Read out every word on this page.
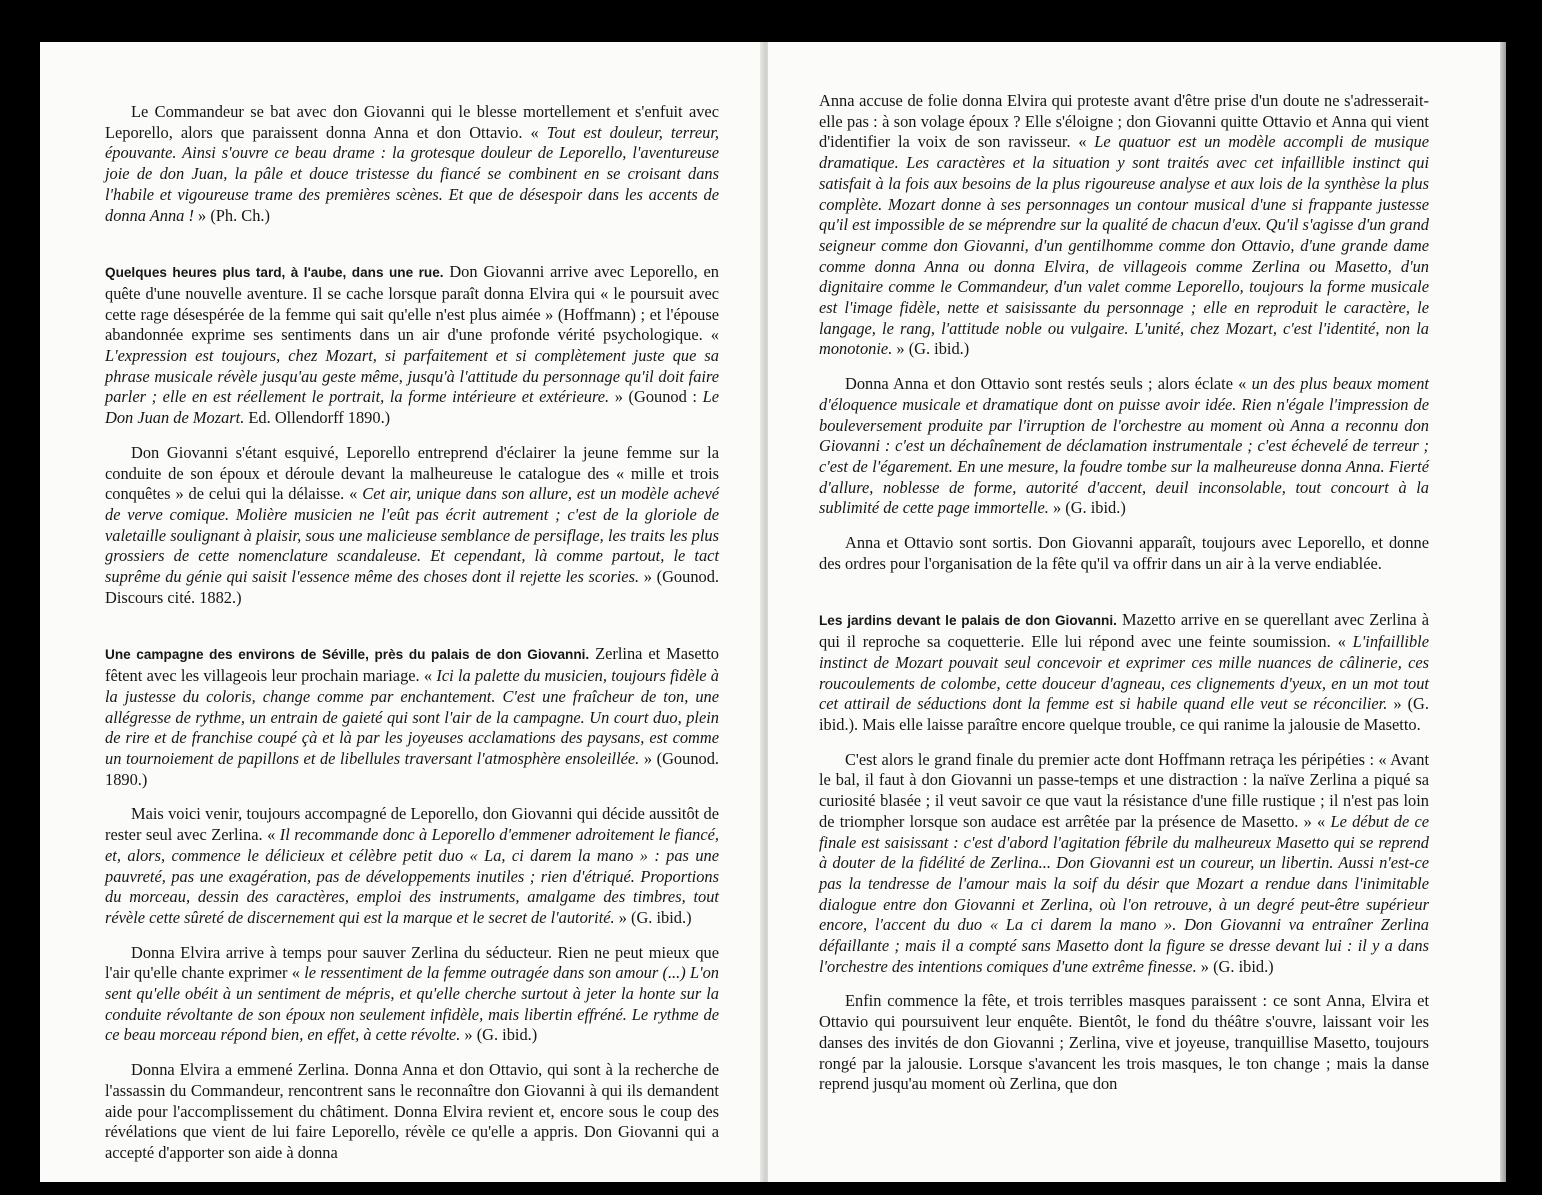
Le Commandeur se bat avec don Giovanni qui le blesse mortellement et s'enfuit avec Leporello, alors que paraissent donna Anna et don Ottavio. « Tout est douleur, terreur, épouvante. Ainsi s'ouvre ce beau drame : la grotesque douleur de Leporello, l'aventureuse joie de don Juan, la pâle et douce tristesse du fiancé se combinent en se croisant dans l'habile et vigoureuse trame des premières scènes. Et que de désespoir dans les accents de donna Anna ! » (Ph. Ch.)

Quelques heures plus tard, à l'aube, dans une rue. Don Giovanni arrive avec Leporello, en quête d'une nouvelle aventure. Il se cache lorsque paraît donna Elvira qui « le poursuit avec cette rage désespérée de la femme qui sait qu'elle n'est plus aimée » (Hoffmann) ; et l'épouse abandonnée exprime ses sentiments dans un air d'une profonde vérité psychologique. « L'expression est toujours, chez Mozart, si parfaitement et si complètement juste que sa phrase musicale révèle jusqu'au geste même, jusqu'à l'attitude du personnage qu'il doit faire parler ; elle en est réellement le portrait, la forme intérieure et extérieure. » (Gounod : Le Don Juan de Mozart. Ed. Ollendorff 1890.)

Don Giovanni s'étant esquivé, Leporello entreprend d'éclairer la jeune femme sur la conduite de son époux et déroule devant la malheureuse le catalogue des « mille et trois conquêtes » de celui qui la délaisse. « Cet air, unique dans son allure, est un modèle achevé de verve comique. Molière musicien ne l'eût pas écrit autrement ; c'est de la gloriole de valetaille soulignant à plaisir, sous une malicieuse semblance de persiflage, les traits les plus grossiers de cette nomenclature scandaleuse. Et cependant, là comme partout, le tact suprême du génie qui saisit l'essence même des choses dont il rejette les scories. » (Gounod. Discours cité. 1882.)

Une campagne des environs de Séville, près du palais de don Giovanni. Zerlina et Masetto fêtent avec les villageois leur prochain mariage. « Ici la palette du musicien, toujours fidèle à la justesse du coloris, change comme par enchantement. C'est une fraîcheur de ton, une allégresse de rythme, un entrain de gaieté qui sont l'air de la campagne. Un court duo, plein de rire et de franchise coupé çà et là par les joyeuses acclamations des paysans, est comme un tournoiement de papillons et de libellules traversant l'atmosphère ensoleillée. » (Gounod. 1890.)

Mais voici venir, toujours accompagné de Leporello, don Giovanni qui décide aussitôt de rester seul avec Zerlina. « Il recommande donc à Leporello d'emmener adroitement le fiancé, et, alors, commence le délicieux et célèbre petit duo « La, ci darem la mano » : pas une pauvreté, pas une exagération, pas de développements inutiles ; rien d'étriqué. Proportions du morceau, dessin des caractères, emploi des instruments, amalgame des timbres, tout révèle cette sûreté de discernement qui est la marque et le secret de l'autorité. » (G. ibid.)

Donna Elvira arrive à temps pour sauver Zerlina du séducteur. Rien ne peut mieux que l'air qu'elle chante exprimer « le ressentiment de la femme outragée dans son amour (...) L'on sent qu'elle obéit à un sentiment de mépris, et qu'elle cherche surtout à jeter la honte sur la conduite révoltante de son époux non seulement infidèle, mais libertin effréné. Le rythme de ce beau morceau répond bien, en effet, à cette révolte. » (G. ibid.)

Donna Elvira a emmené Zerlina. Donna Anna et don Ottavio, qui sont à la recherche de l'assassin du Commandeur, rencontrent sans le reconnaître don Giovanni à qui ils demandent aide pour l'accomplissement du châtiment. Donna Elvira revient et, encore sous le coup des révélations que vient de lui faire Leporello, révèle ce qu'elle a appris. Don Giovanni qui a accepté d'apporter son aide à donna

Anna accuse de folie donna Elvira qui proteste avant d'être prise d'un doute ne s'adresserait-elle pas : à son volage époux ? Elle s'éloigne ; don Giovanni quitte Ottavio et Anna qui vient d'identifier la voix de son ravisseur. « Le quatuor est un modèle accompli de musique dramatique. Les caractères et la situation y sont traités avec cet infaillible instinct qui satisfait à la fois aux besoins de la plus rigoureuse analyse et aux lois de la synthèse la plus complète. Mozart donne à ses personnages un contour musical d'une si frappante justesse qu'il est impossible de se méprendre sur la qualité de chacun d'eux. Qu'il s'agisse d'un grand seigneur comme don Giovanni, d'un gentilhomme comme don Ottavio, d'une grande dame comme donna Anna ou donna Elvira, de villageois comme Zerlina ou Masetto, d'un dignitaire comme le Commandeur, d'un valet comme Leporello, toujours la forme musicale est l'image fidèle, nette et saisissante du personnage ; elle en reproduit le caractère, le langage, le rang, l'attitude noble ou vulgaire. L'unité, chez Mozart, c'est l'identité, non la monotonie. » (G. ibid.)

Donna Anna et don Ottavio sont restés seuls ; alors éclate « un des plus beaux moment d'éloquence musicale et dramatique dont on puisse avoir idée. Rien n'égale l'impression de bouleversement produite par l'irruption de l'orchestre au moment où Anna a reconnu don Giovanni : c'est un déchaînement de déclamation instrumentale ; c'est échevelé de terreur ; c'est de l'égarement. En une mesure, la foudre tombe sur la malheureuse donna Anna. Fierté d'allure, noblesse de forme, autorité d'accent, deuil inconsolable, tout concourt à la sublimité de cette page immortelle. » (G. ibid.)

Anna et Ottavio sont sortis. Don Giovanni apparaît, toujours avec Leporello, et donne des ordres pour l'organisation de la fête qu'il va offrir dans un air à la verve endiablée.

Les jardins devant le palais de don Giovanni. Mazetto arrive en se querellant avec Zerlina à qui il reproche sa coquetterie. Elle lui répond avec une feinte soumission. « L'infaillible instinct de Mozart pouvait seul concevoir et exprimer ces mille nuances de câlinerie, ces roucoulements de colombe, cette douceur d'agneau, ces clignements d'yeux, en un mot tout cet attirail de séductions dont la femme est si habile quand elle veut se réconcilier. » (G. ibid.). Mais elle laisse paraître encore quelque trouble, ce qui ranime la jalousie de Masetto.

C'est alors le grand finale du premier acte dont Hoffmann retraça les péripéties : « Avant le bal, il faut à don Giovanni un passe-temps et une distraction : la naïve Zerlina a piqué sa curiosité blasée ; il veut savoir ce que vaut la résistance d'une fille rustique ; il n'est pas loin de triompher lorsque son audace est arrêtée par la présence de Masetto. » « Le début de ce finale est saisissant : c'est d'abord l'agitation fébrile du malheureux Masetto qui se reprend à douter de la fidélité de Zerlina... Don Giovanni est un coureur, un libertin. Aussi n'est-ce pas la tendresse de l'amour mais la soif du désir que Mozart a rendue dans l'inimitable dialogue entre don Giovanni et Zerlina, où l'on retrouve, à un degré peut-être supérieur encore, l'accent du duo « La ci darem la mano ». Don Giovanni va entraîner Zerlina défaillante ; mais il a compté sans Masetto dont la figure se dresse devant lui : il y a dans l'orchestre des intentions comiques d'une extrême finesse. » (G. ibid.)

Enfin commence la fête, et trois terribles masques paraissent : ce sont Anna, Elvira et Ottavio qui poursuivent leur enquête. Bientôt, le fond du théâtre s'ouvre, laissant voir les danses des invités de don Giovanni ; Zerlina, vive et joyeuse, tranquillise Masetto, toujours rongé par la jalousie. Lorsque s'avancent les trois masques, le ton change ; mais la danse reprend jusqu'au moment où Zerlina, que don
